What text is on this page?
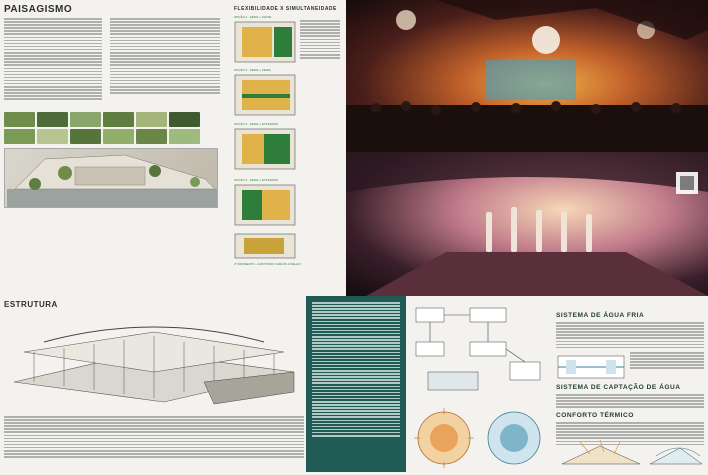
PAISAGISMO	FLEXIBILIDADE X SIMULTANEIDADE
OPÇÃO 1 : FEIRA + SHOW
OPÇÃO 2 : FEIRA + FEIRA
OPÇÃO 3 : FEIRA + EXTENSÃO
OPÇÃO 4 : FEIRA + EXTENSÃO
2º PAVIMENTO - AUDITÓRIO CARLOS COELHO
ESTRUTURA
SISTEMA DE ÁGUA FRIA
SISTEMA DE CAPTAÇÃO DE ÁGUA
CONFORTO TÉRMICO
